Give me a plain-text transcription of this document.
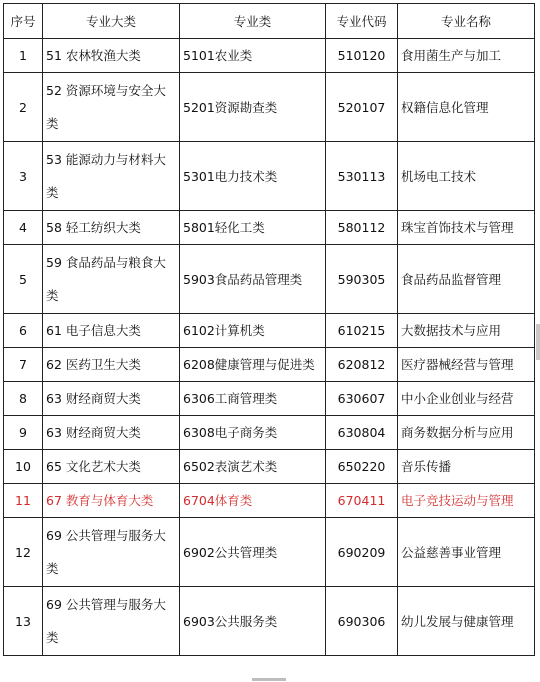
序号	专业大类	专业类	专业代码	专业名称
1	51 农林牧渔大类	5101农业类	510120	食用菌生产与加工
2	52 资源环境与安全大类	5201资源勘查类	520107	权籍信息化管理
3	53 能源动力与材料大类	5301电力技术类	530113	机场电工技术
4	58 轻工纺织大类	5801轻化工类	580112	珠宝首饰技术与管理
5	59 食品药品与粮食大类	5903食品药品管理类	590305	食品药品监督管理
6	61 电子信息大类	6102计算机类	610215	大数据技术与应用
7	62 医药卫生大类	6208健康管理与促进类	620812	医疗器械经营与管理
8	63 财经商贸大类	6306工商管理类	630607	中小企业创业与经营
9	63 财经商贸大类	6308电子商务类	630804	商务数据分析与应用
10	65 文化艺术大类	6502表演艺术类	650220	音乐传播
11	67 教育与体育大类	6704体育类	670411	电子竞技运动与管理
12	69 公共管理与服务大类	6902公共管理类	690209	公益慈善事业管理
13	69 公共管理与服务大类	6903公共服务类	690306	幼儿发展与健康管理
